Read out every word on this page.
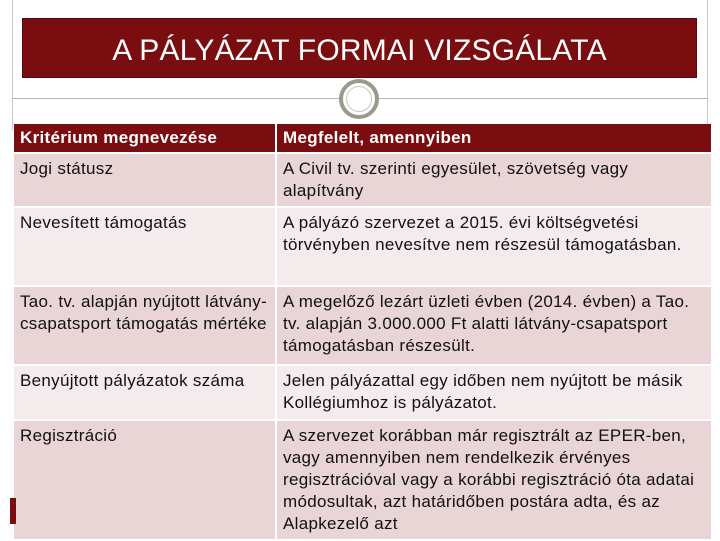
A PÁLYÁZAT FORMAI VIZSGÁLATA
Kritérium megnevezése	Megfelelt, amennyiben
Jogi státusz	A Civil tv. szerinti egyesület, szövetség vagy alapítvány
Nevesített támogatás	A pályázó szervezet a 2015. évi költségvetési törvényben nevesítve nem részesül támogatásban.
Tao. tv. alapján nyújtott látvány-csapatsport támogatás mértéke	A megelőző lezárt üzleti évben (2014. évben) a Tao. tv. alapján 3.000.000 Ft alatti látvány-csapatsport támogatásban részesült.
Benyújtott pályázatok száma	Jelen pályázattal egy időben nem nyújtott be másik Kollégiumhoz is pályázatot.
Regisztráció	A szervezet korábban már regisztrált az EPER-ben, vagy amennyiben nem rendelkezik érvényes regisztrációval vagy a korábbi regisztráció óta adatai módosultak, azt határidőben postára adta, és az Alapkezelő azt
